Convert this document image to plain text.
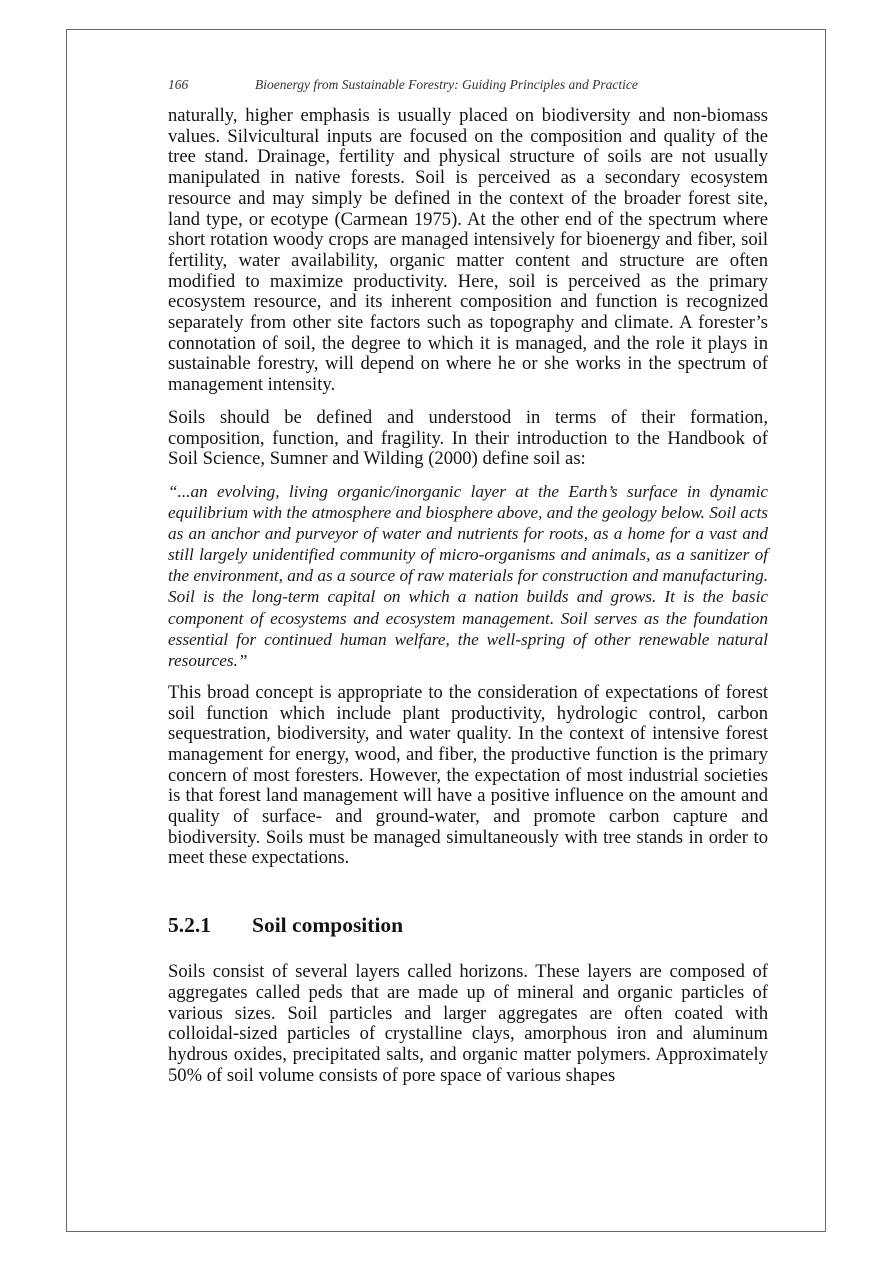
166	Bioenergy from Sustainable Forestry: Guiding Principles and Practice

naturally, higher emphasis is usually placed on biodiversity and non-biomass values. Silvicultural inputs are focused on the composition and quality of the tree stand. Drainage, fertility and physical structure of soils are not usually manipulated in native forests. Soil is perceived as a secondary ecosystem resource and may simply be defined in the context of the broader forest site, land type, or ecotype (Carmean 1975). At the other end of the spectrum where short rotation woody crops are managed intensively for bioenergy and fiber, soil fertility, water availability, organic matter content and structure are often modified to maximize productivity. Here, soil is perceived as the primary ecosystem resource, and its inherent composition and function is recognized separately from other site factors such as topography and climate. A forester’s connotation of soil, the degree to which it is managed, and the role it plays in sustainable forestry, will depend on where he or she works in the spectrum of management intensity.

Soils should be defined and understood in terms of their formation, composition, function, and fragility. In their introduction to the Handbook of Soil Science, Sumner and Wilding (2000) define soil as:

“...an evolving, living organic/inorganic layer at the Earth’s surface in dynamic equilibrium with the atmosphere and biosphere above, and the geology below. Soil acts as an anchor and purveyor of water and nutrients for roots, as a home for a vast and still largely unidentified community of micro-organisms and animals, as a sanitizer of the environment, and as a source of raw materials for construction and manufacturing. Soil is the long-term capital on which a nation builds and grows. It is the basic component of ecosystems and ecosystem management. Soil serves as the foundation essential for continued human welfare, the well-spring of other renewable natural resources.”

This broad concept is appropriate to the consideration of expectations of forest soil function which include plant productivity, hydrologic control, carbon sequestration, biodiversity, and water quality. In the context of intensive forest management for energy, wood, and fiber, the productive function is the primary concern of most foresters. However, the expectation of most industrial societies is that forest land management will have a positive influence on the amount and quality of surface- and ground-water, and promote carbon capture and biodiversity. Soils must be managed simultaneously with tree stands in order to meet these expectations.

5.2.1	Soil composition

Soils consist of several layers called horizons. These layers are composed of aggregates called peds that are made up of mineral and organic particles of various sizes. Soil particles and larger aggregates are often coated with colloidal-sized particles of crystalline clays, amorphous iron and aluminum hydrous oxides, precipitated salts, and organic matter polymers. Approximately 50% of soil volume consists of pore space of various shapes
